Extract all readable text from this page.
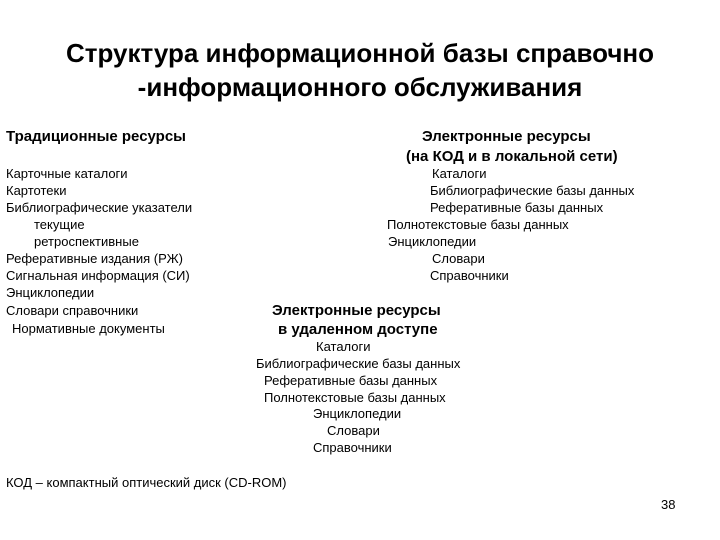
Структура информационной базы справочно
-информационного обслуживания
Традиционные ресурсы
Карточные каталоги
Картотеки
Библиографические указатели
текущие
ретроспективные
Реферативные издания (РЖ)
Сигнальная информация (СИ)
Энциклопедии
Словари справочники
Нормативные документы
Электронные ресурсы
(на КОД и в локальной сети)
Каталоги
Библиографические базы данных
Реферативные базы данных
Полнотекстовые базы данных
Энциклопедии
Словари
Справочники
Электронные ресурсы
в удаленном доступе
Каталоги
Библиографические базы данных
Реферативные базы данных
Полнотекстовые базы данных
Энциклопедии
Словари
Справочники
КОД – компактный оптический диск (CD-ROM)
38
